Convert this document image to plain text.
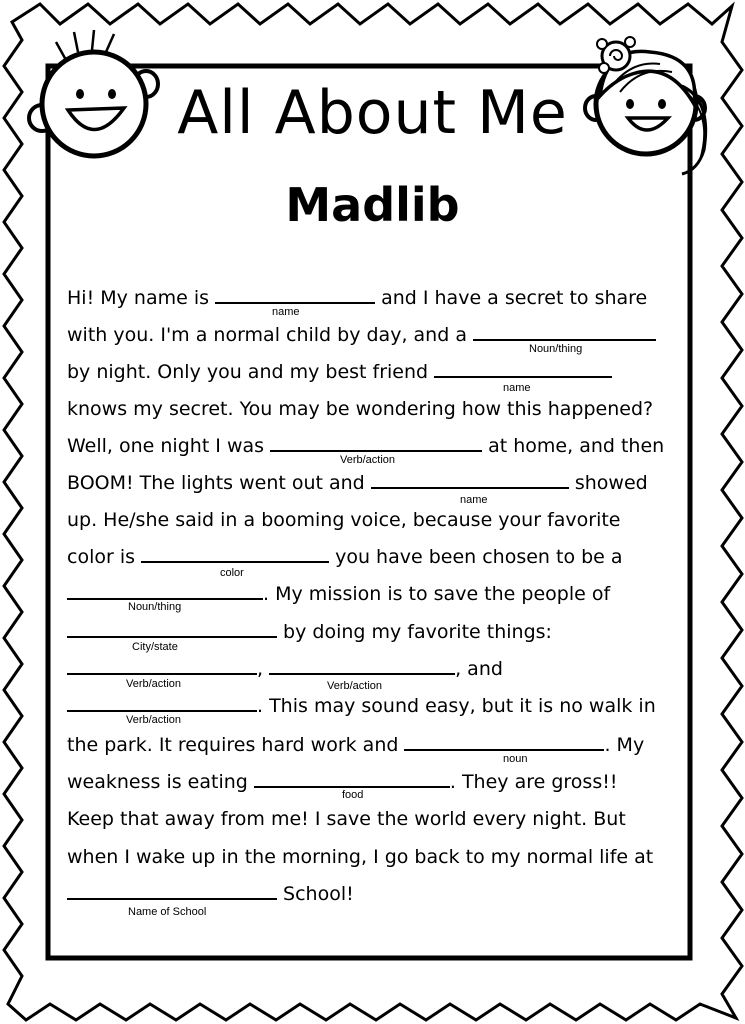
All About Me
Madlib
Hi! My name is	and I have a secret to share
name
with you. I'm a normal child by day, and a
Noun/thing
by night. Only you and my best friend
name
knows my secret. You may be wondering how this happened?
Well, one night I was	at home, and then
Verb/action
BOOM! The lights went out and	showed
name
up. He/she said in a booming voice, because your favorite
color is	you have been chosen to be a
color
. My mission is to save the people of
Noun/thing
by doing my favorite things:
City/state
,	, and
Verb/action	Verb/action
. This may sound easy, but it is no walk in
Verb/action
the park. It requires hard work and	. My
noun
weakness is eating	. They are gross!!
food
Keep that away from me! I save the world every night. But
when I wake up in the morning, I go back to my normal life at
School!
Name of School
